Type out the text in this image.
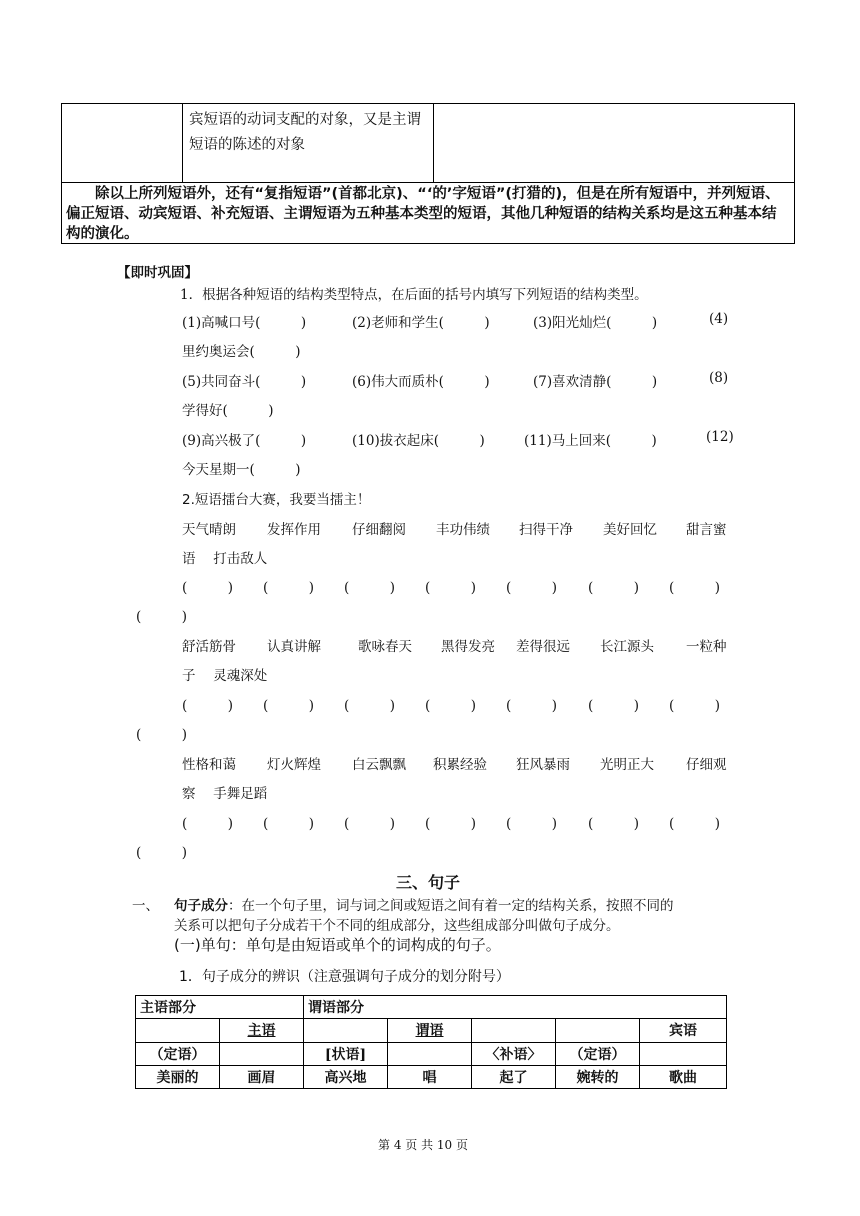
宾短语的动词支配的对象，又是主谓短语的陈述的对象
除以上所列短语外，还有“复指短语”(首都北京)、“‘的’字短语”(打猎的)，但是在所有短语中，并列短语、偏正短语、动宾短语、补充短语、主谓短语为五种基本类型的短语，其他几种短语的结构关系均是这五种基本结构的演化。
【即时巩固】
1．根据各种短语的结构类型特点，在后面的括号内填写下列短语的结构类型。
(1)高喊口号(　　　)	(2)老师和学生(　　　)	(3)阳光灿烂(　　　)	(4)
里约奥运会(　　　)
(5)共同奋斗(　　　)	(6)伟大而质朴(　　　)	(7)喜欢清静(　　　)	(8)
学得好(　　　)
(9)高兴极了(　　　)	(10)拔衣起床(　　　)	(11)马上回来(　　　)	(12)
今天星期一(　　　)
2.短语擂台大赛，我要当擂主！
天气晴朗 发挥作用 仔细翻阅 丰功伟绩 扫得干净 美好回忆 甜言蜜
语　 打击敌人
(　　　) (　　　) (　　　) (　　　) (　　　) (　　　) (　　　)
(　　　)
舒活筋骨 认真讲解	歌咏春天 黑得发亮 差得很远 长江源头 一粒种
子　 灵魂深处
(　　　) (　　　) (　　　) (　　　) (　　　) (　　　) (　　　)
(　　　)
性格和蔼 灯火辉煌 白云飘飘 积累经验 狂风暴雨 光明正大 仔细观
察　 手舞足蹈
(　　　) (　　　) (　　　) (　　　) (　　　) (　　　) (　　　)
(　　　)
三、句子
一、 句子成分：在一个句子里，词与词之间或短语之间有着一定的结构关系，按照不同的
关系可以把句子分成若干个不同的组成部分，这些组成部分叫做句子成分。
(一)单句：单句是由短语或单个的词构成的句子。
1．句子成分的辨识（注意强调句子成分的划分附号）
主语部分		谓语部分				
	主语		谓语			宾语
（定语）		[状语]		〈补语〉	（定语）	
美丽的	画眉	高兴地	唱	起了	婉转的	歌曲
第 4 页 共 10 页
